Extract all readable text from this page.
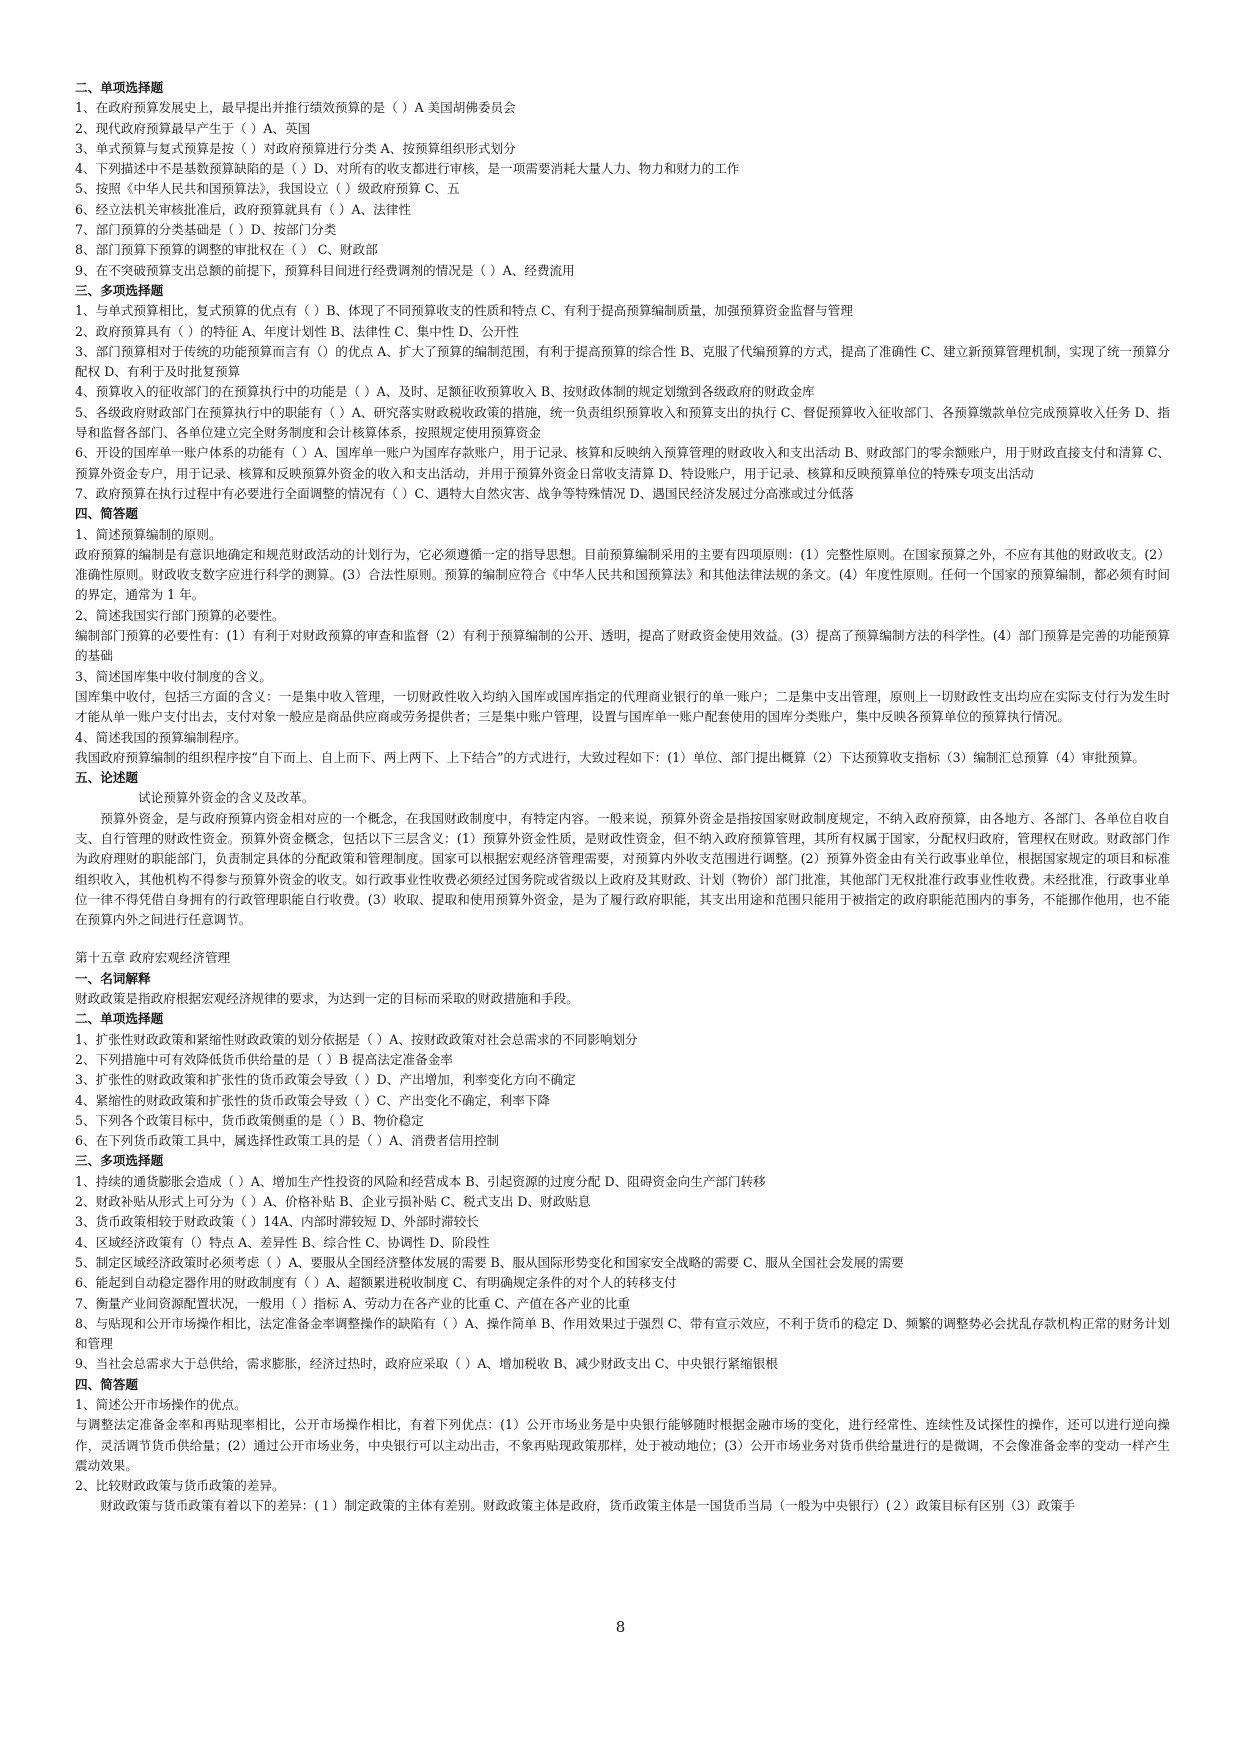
二、单项选择题

1、在政府预算发展史上，最早提出并推行绩效预算的是（ ）A 美国胡佛委员会

2、现代政府预算最早产生于（ ）A、英国

3、单式预算与复式预算是按（ ）对政府预算进行分类 A、按预算组织形式划分

4、下列描述中不是基数预算缺陷的是（ ）D、对所有的收支都进行审核，是一项需要消耗大量人力、物力和财力的工作

5、按照《中华人民共和国预算法》，我国设立（ ）级政府预算 C、五

6、经立法机关审核批准后，政府预算就具有（ ）A、法律性

7、部门预算的分类基础是（ ）D、按部门分类

8、部门预算下预算的调整的审批权在（ ） C、财政部

9、在不突破预算支出总额的前提下，预算科目间进行经费调剂的情况是（ ）A、经费流用

三、多项选择题

1、与单式预算相比，复式预算的优点有（ ）B、体现了不同预算收支的性质和特点 C、有利于提高预算编制质量，加强预算资金监督与管理

2、政府预算具有（ ）的特征 A、年度计划性 B、法律性 C、集中性 D、公开性

3、部门预算相对于传统的功能预算而言有（）的优点 A、扩大了预算的编制范围，有利于提高预算的综合性 B、克服了代编预算的方式，提高了准确性 C、建立新预算管理机制，实现了统一预算分配权 D、有利于及时批复预算

4、预算收入的征收部门的在预算执行中的功能是（ ）A、及时、足额征收预算收入 B、按财政体制的规定划缴到各级政府的财政金库

5、各级政府财政部门在预算执行中的职能有（ ）A、研究落实财政税收政策的措施，统一负责组织预算收入和预算支出的执行 C、督促预算收入征收部门、各预算缴款单位完成预算收入任务 D、指导和监督各部门、各单位建立完全财务制度和会计核算体系，按照规定使用预算资金

6、开设的国库单一账户体系的功能有（ ）A、国库单一账户为国库存款账户，用于记录、核算和反映纳入预算管理的财政收入和支出活动 B、财政部门的零余额账户，用于财政直接支付和清算 C、预算外资金专户，用于记录、核算和反映预算外资金的收入和支出活动，并用于预算外资金日常收支清算 D、特设账户，用于记录、核算和反映预算单位的特殊专项支出活动

7、政府预算在执行过程中有必要进行全面调整的情况有（ ）C、遇特大自然灾害、战争等特殊情况 D、遇国民经济发展过分高涨或过分低落

四、简答题

1、简述预算编制的原则。

政府预算的编制是有意识地确定和规范财政活动的计划行为，它必须遵循一定的指导思想。目前预算编制采用的主要有四项原则：(1）完整性原则。在国家预算之外，不应有其他的财政收支。(2）准确性原则。财政收支数字应进行科学的测算。(3）合法性原则。预算的编制应符合《中华人民共和国预算法》和其他法律法规的条文。(4）年度性原则。任何一个国家的预算编制，都必须有时间的界定，通常为 1 年。

2、简述我国实行部门预算的必要性。

编制部门预算的必要性有：(1）有利于对财政预算的审查和监督（2）有利于预算编制的公开、透明，提高了财政资金使用效益。(3）提高了预算编制方法的科学性。(4）部门预算是完善的功能预算的基础

3、简述国库集中收付制度的含义。

国库集中收付，包括三方面的含义：一是集中收入管理，一切财政性收入均纳入国库或国库指定的代理商业银行的单一账户；二是集中支出管理，原则上一切财政性支出均应在实际支付行为发生时才能从单一账户支付出去，支付对象一般应是商品供应商或劳务提供者；三是集中账户管理，设置与国库单一账户配套使用的国库分类账户，集中反映各预算单位的预算执行情况。

4、简述我国的预算编制程序。

我国政府预算编制的组织程序按“自下而上、自上而下、两上两下、上下结合”的方式进行，大致过程如下：(1）单位、部门提出概算（2）下达预算收支指标（3）编制汇总预算（4）审批预算。

五、论述题

试论预算外资金的含义及改革。

预算外资金，是与政府预算内资金相对应的一个概念，在我国财政制度中，有特定内容。一般来说，预算外资金是指按国家财政制度规定，不纳入政府预算，由各地方、各部门、各单位自收自支、自行管理的财政性资金。预算外资金概念，包括以下三层含义：(1）预算外资金性质，是财政性资金，但不纳入政府预算管理，其所有权属于国家，分配权归政府，管理权在财政。财政部门作为政府理财的职能部门，负责制定具体的分配政策和管理制度。国家可以根据宏观经济管理需要，对预算内外收支范围进行调整。(2）预算外资金由有关行政事业单位，根据国家规定的项目和标准组织收入，其他机构不得参与预算外资金的收支。如行政事业性收费必须经过国务院或省级以上政府及其财政、计划（物价）部门批准，其他部门无权批准行政事业性收费。未经批准，行政事业单位一律不得凭借自身拥有的行政管理职能自行收费。(3）收取、提取和使用预算外资金，是为了履行政府职能，其支出用途和范围只能用于被指定的政府职能范围内的事务，不能挪作他用，也不能在预算内外之间进行任意调节。

第十五章 政府宏观经济管理

一、名词解释

财政政策是指政府根据宏观经济规律的要求，为达到一定的目标而采取的财政措施和手段。

二、单项选择题

1、扩张性财政政策和紧缩性财政政策的划分依据是（ ）A、按财政政策对社会总需求的不同影响划分

2、下列措施中可有效降低货币供给量的是（ ）B 提高法定准备金率

3、扩张性的财政政策和扩张性的货币政策会导致（ ）D、产出增加，利率变化方向不确定

4、紧缩性的财政政策和扩张性的货币政策会导致（ ）C、产出变化不确定，利率下降

5、下列各个政策目标中，货币政策侧重的是（ ）B、物价稳定

6、在下列货币政策工具中，属选择性政策工具的是（ ）A、消费者信用控制

三、多项选择题

1、持续的通货膨胀会造成（ ）A、增加生产性投资的风险和经营成本 B、引起资源的过度分配 D、阻碍资金向生产部门转移

2、财政补贴从形式上可分为（ ）A、价格补贴 B、企业亏损补贴 C、税式支出 D、财政贴息

3、货币政策相较于财政政策（ ）14A、内部时滞较短 D、外部时滞较长

4、区域经济政策有（）特点 A、差异性 B、综合性 C、协调性 D、阶段性

5、制定区域经济政策时必须考虑（ ）A、要服从全国经济整体发展的需要 B、服从国际形势变化和国家安全战略的需要 C、服从全国社会发展的需要

6、能起到自动稳定器作用的财政制度有（ ）A、超额累进税收制度 C、有明确规定条件的对个人的转移支付

7、衡量产业间资源配置状况，一般用（ ）指标 A、劳动力在各产业的比重 C、产值在各产业的比重

8、与贴现和公开市场操作相比，法定准备金率调整操作的缺陷有（ ）A、操作简单 B、作用效果过于强烈 C、带有宣示效应，不利于货币的稳定 D、频繁的调整势必会扰乱存款机构正常的财务计划和管理

9、当社会总需求大于总供给，需求膨胀，经济过热时，政府应采取（ ）A、增加税收 B、减少财政支出 C、中央银行紧缩银根

四、简答题

1、简述公开市场操作的优点。

与调整法定准备金率和再贴现率相比，公开市场操作相比，有着下列优点：(1）公开市场业务是中央银行能够随时根据金融市场的变化，进行经常性、连续性及试探性的操作，还可以进行逆向操作，灵活调节货币供给量；(2）通过公开市场业务，中央银行可以主动出击，不象再贴现政策那样，处于被动地位；(3）公开市场业务对货币供给量进行的是微调，不会像准备金率的变动一样产生震动效果。

2、比较财政政策与货币政策的差异。

财政政策与货币政策有着以下的差异：(１）制定政策的主体有差别。财政政策主体是政府，货币政策主体是一国货币当局（一般为中央银行）(２）政策目标有区别（3）政策手

8
